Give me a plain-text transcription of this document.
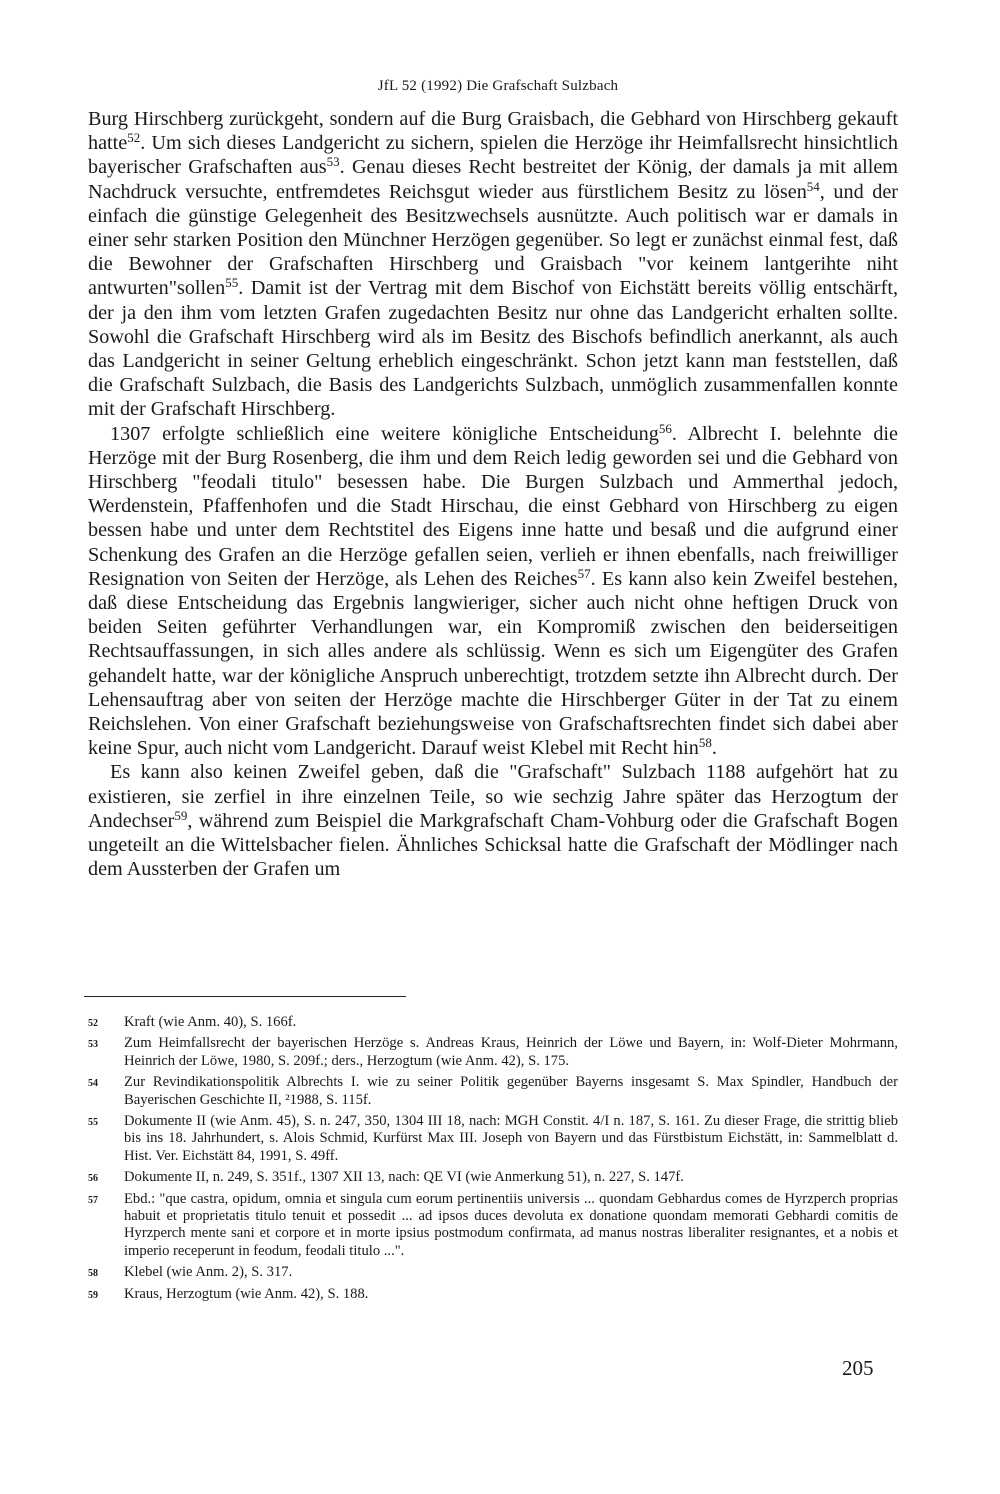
JfL 52 (1992) Die Grafschaft Sulzbach

Burg Hirschberg zurückgeht, sondern auf die Burg Graisbach, die Gebhard von Hirschberg gekauft hatte$^{52}$. Um sich dieses Landgericht zu sichern, spielen die Herzöge ihr Heimfallsrecht hinsichtlich bayerischer Grafschaften aus$^{53}$. Genau dieses Recht bestreitet der König, der damals ja mit allem Nachdruck versuchte, entfremdetes Reichsgut wieder aus fürstlichem Besitz zu lösen$^{54}$, und der einfach die günstige Gelegenheit des Besitzwechsels ausnützte. Auch politisch war er damals in einer sehr starken Position den Münchner Herzögen gegenüber. So legt er zunächst einmal fest, daß die Bewohner der Grafschaften Hirschberg und Graisbach "vor keinem lantgerihte niht antwurten"sollen$^{55}$. Damit ist der Vertrag mit dem Bischof von Eichstätt bereits völlig entschärft, der ja den ihm vom letzten Grafen zugedachten Besitz nur ohne das Landgericht erhalten sollte. Sowohl die Grafschaft Hirschberg wird als im Besitz des Bischofs befindlich anerkannt, als auch das Landgericht in seiner Geltung erheblich eingeschränkt. Schon jetzt kann man feststellen, daß die Grafschaft Sulzbach, die Basis des Landgerichts Sulzbach, unmöglich zusammenfallen konnte mit der Grafschaft Hirschberg.

1307 erfolgte schließlich eine weitere königliche Entscheidung$^{56}$. Albrecht I. belehnte die Herzöge mit der Burg Rosenberg, die ihm und dem Reich ledig geworden sei und die Gebhard von Hirschberg "feodali titulo" besessen habe. Die Burgen Sulzbach und Ammerthal jedoch, Werdenstein, Pfaffenhofen und die Stadt Hirschau, die einst Gebhard von Hirschberg zu eigen bessen habe und unter dem Rechtstitel des Eigens inne hatte und besaß und die aufgrund einer Schenkung des Grafen an die Herzöge gefallen seien, verlieh er ihnen ebenfalls, nach freiwilliger Resignation von Seiten der Herzöge, als Lehen des Reiches$^{57}$. Es kann also kein Zweifel bestehen, daß diese Entscheidung das Ergebnis langwieriger, sicher auch nicht ohne heftigen Druck von beiden Seiten geführter Verhandlungen war, ein Kompromiß zwischen den beiderseitigen Rechtsauffassungen, in sich alles andere als schlüssig. Wenn es sich um Eigengüter des Grafen gehandelt hatte, war der königliche Anspruch unberechtigt, trotzdem setzte ihn Albrecht durch. Der Lehensauftrag aber von seiten der Herzöge machte die Hirschberger Güter in der Tat zu einem Reichslehen. Von einer Grafschaft beziehungsweise von Grafschaftsrechten findet sich dabei aber keine Spur, auch nicht vom Landgericht. Darauf weist Klebel mit Recht hin$^{58}$.

Es kann also keinen Zweifel geben, daß die "Grafschaft" Sulzbach 1188 aufgehört hat zu existieren, sie zerfiel in ihre einzelnen Teile, so wie sechzig Jahre später das Herzogtum der Andechser$^{59}$, während zum Beispiel die Markgrafschaft Cham-Vohburg oder die Grafschaft Bogen ungeteilt an die Wittelsbacher fielen. Ähnliches Schicksal hatte die Grafschaft der Mödlinger nach dem Aussterben der Grafen um

52	Kraft (wie Anm. 40), S. 166f.
53	Zum Heimfallsrecht der bayerischen Herzöge s. Andreas Kraus, Heinrich der Löwe und Bayern, in: Wolf-Dieter Mohrmann, Heinrich der Löwe, 1980, S. 209f.; ders., Herzogtum (wie Anm. 42), S. 175.
54	Zur Revindikationspolitik Albrechts I. wie zu seiner Politik gegenüber Bayerns insgesamt S. Max Spindler, Handbuch der Bayerischen Geschichte II, ²1988, S. 115f.
55	Dokumente II (wie Anm. 45), S. n. 247, 350, 1304 III 18, nach: MGH Constit. 4/I n. 187, S. 161. Zu dieser Frage, die strittig blieb bis ins 18. Jahrhundert, s. Alois Schmid, Kurfürst Max III. Joseph von Bayern und das Fürstbistum Eichstätt, in: Sammelblatt d. Hist. Ver. Eichstätt 84, 1991, S. 49ff.
56	Dokumente II, n. 249, S. 351f., 1307 XII 13, nach: QE VI (wie Anmerkung 51), n. 227, S. 147f.
57	Ebd.: "que castra, opidum, omnia et singula cum eorum pertinentiis universis ... quondam Gebhardus comes de Hyrzperch proprias habuit et proprietatis titulo tenuit et possedit ... ad ipsos duces devoluta ex donatione quondam memorati Gebhardi comitis de Hyrzperch mente sani et corpore et in morte ipsius postmodum confirmata, ad manus nostras liberaliter resignantes, et a nobis et imperio receperunt in feodum, feodali titulo ...".
58	Klebel (wie Anm. 2), S. 317.
59	Kraus, Herzogtum (wie Anm. 42), S. 188.
205
